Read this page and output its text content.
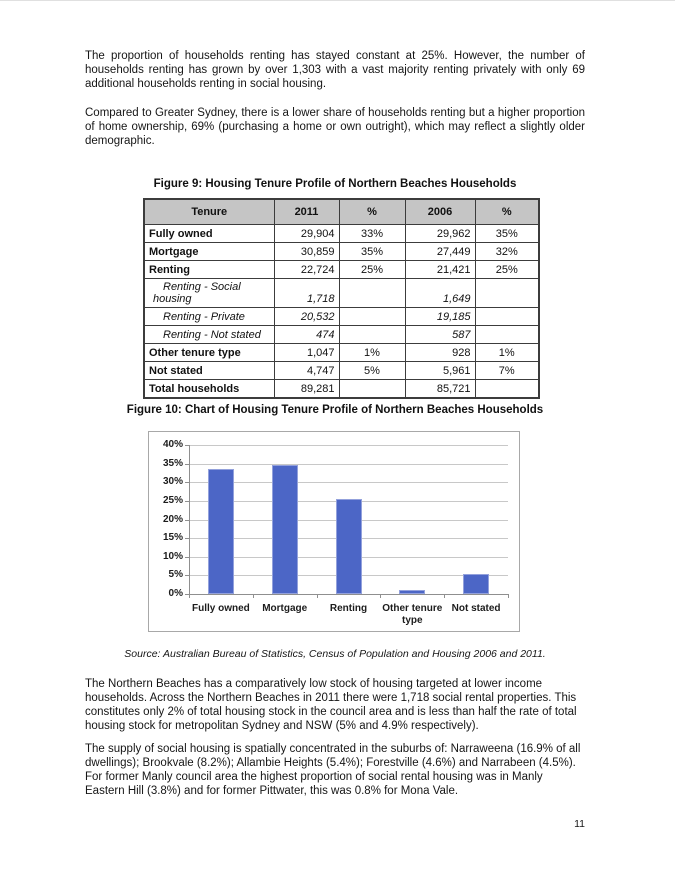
The proportion of households renting has stayed constant at 25%. However, the number of households renting has grown by over 1,303 with a vast majority renting privately with only 69 additional households renting in social housing.

Compared to Greater Sydney, there is a lower share of households renting but a higher proportion of home ownership, 69% (purchasing a home or own outright), which may reflect a slightly older demographic.

Figure 9: Housing Tenure Profile of Northern Beaches Households
Tenure	2011	%	2006	%
Fully owned	29,904	33%	29,962	35%
Mortgage	30,859	35%	27,449	32%
Renting	22,724	25%	21,421	25%
Renting - Social housing	1,718		1,649	
Renting - Private	20,532		19,185	
Renting - Not stated	474		587	
Other tenure type	1,047	1%	928	1%
Not stated	4,747	5%	5,961	7%
Total households	89,281		85,721	
Figure 10: Chart of Housing Tenure Profile of Northern Beaches Households
0%
5%
10%
15%
20%
25%
30%
35%
40%
Fully owned	Mortgage	Renting	Other tenure type
Not stated
Source: Australian Bureau of Statistics, Census of Population and Housing 2006 and 2011.

The Northern Beaches has a comparatively low stock of housing targeted at lower income households. Across the Northern Beaches in 2011 there were 1,718 social rental properties. This constitutes only 2% of total housing stock in the council area and is less than half the rate of total housing stock for metropolitan Sydney and NSW (5% and 4.9% respectively).

The supply of social housing is spatially concentrated in the suburbs of: Narraweena (16.9% of all dwellings); Brookvale (8.2%); Allambie Heights (5.4%); Forestville (4.6%) and Narrabeen (4.5%). For former Manly council area the highest proportion of social rental housing was in Manly Eastern Hill (3.8%) and for former Pittwater, this was 0.8% for Mona Vale.

11
